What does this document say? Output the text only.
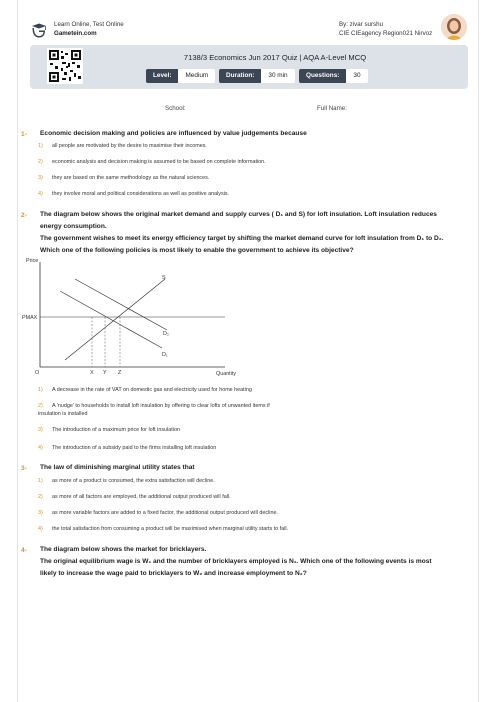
Learn Online, Test Online
Gametein.com
By: zivar surshu
CIE CIEagency Region021 Nirvoz
7138/3 Economics Jun 2017 Quiz | AQA A-Level MCQ
Level:	Medium	Duration:	30 min	Questions:	30
School:	Full Name:
1- Economic decision making and policies are influenced by value judgements because
1) all people are motivated by the desire to maximise their incomes.
2) economic analysis and decision making is assumed to be based on complete information.
3) they are based on the same methodology as the natural sciences.
4) they involve moral and political considerations as well as positive analysis.
2- The diagram below shows the original market demand and supply curves ( D₁ and S) for loft insulation. Loft insulation reduces
energy consumption.
The government wishes to meet its energy efficiency target by shifting the market demand curve for loft insulation from D₁ to D₂.
Which one of the following policies is most likely to enable the government to achieve its objective?
Price
Quantity
O
PMAX
S
D₂
D₁
X Y Z
1) A decrease in the rate of VAT on domestic gas and electricity used for home heating
2) A 'nudge' to households to install loft insulation by offering to clear lofts of unwanted items if
insulation is installed
3) The introduction of a maximum price for loft insulation
4) The introduction of a subsidy paid to the firms installing loft insulation
3- The law of diminishing marginal utility states that
1) as more of a product is consumed, the extra satisfaction will decline.
2) as more of all factors are employed, the additional output produced will fall.
3) as more variable factors are added to a fixed factor, the additional output produced will decline.
4) the total satisfaction from consuming a product will be maximised when marginal utility starts to fall.
4- The diagram below shows the market for bricklayers.
The original equilibrium wage is W₁ and the number of bricklayers employed is N₁. Which one of the following events is most
likely to increase the wage paid to bricklayers to W₂ and increase employment to N₂?
